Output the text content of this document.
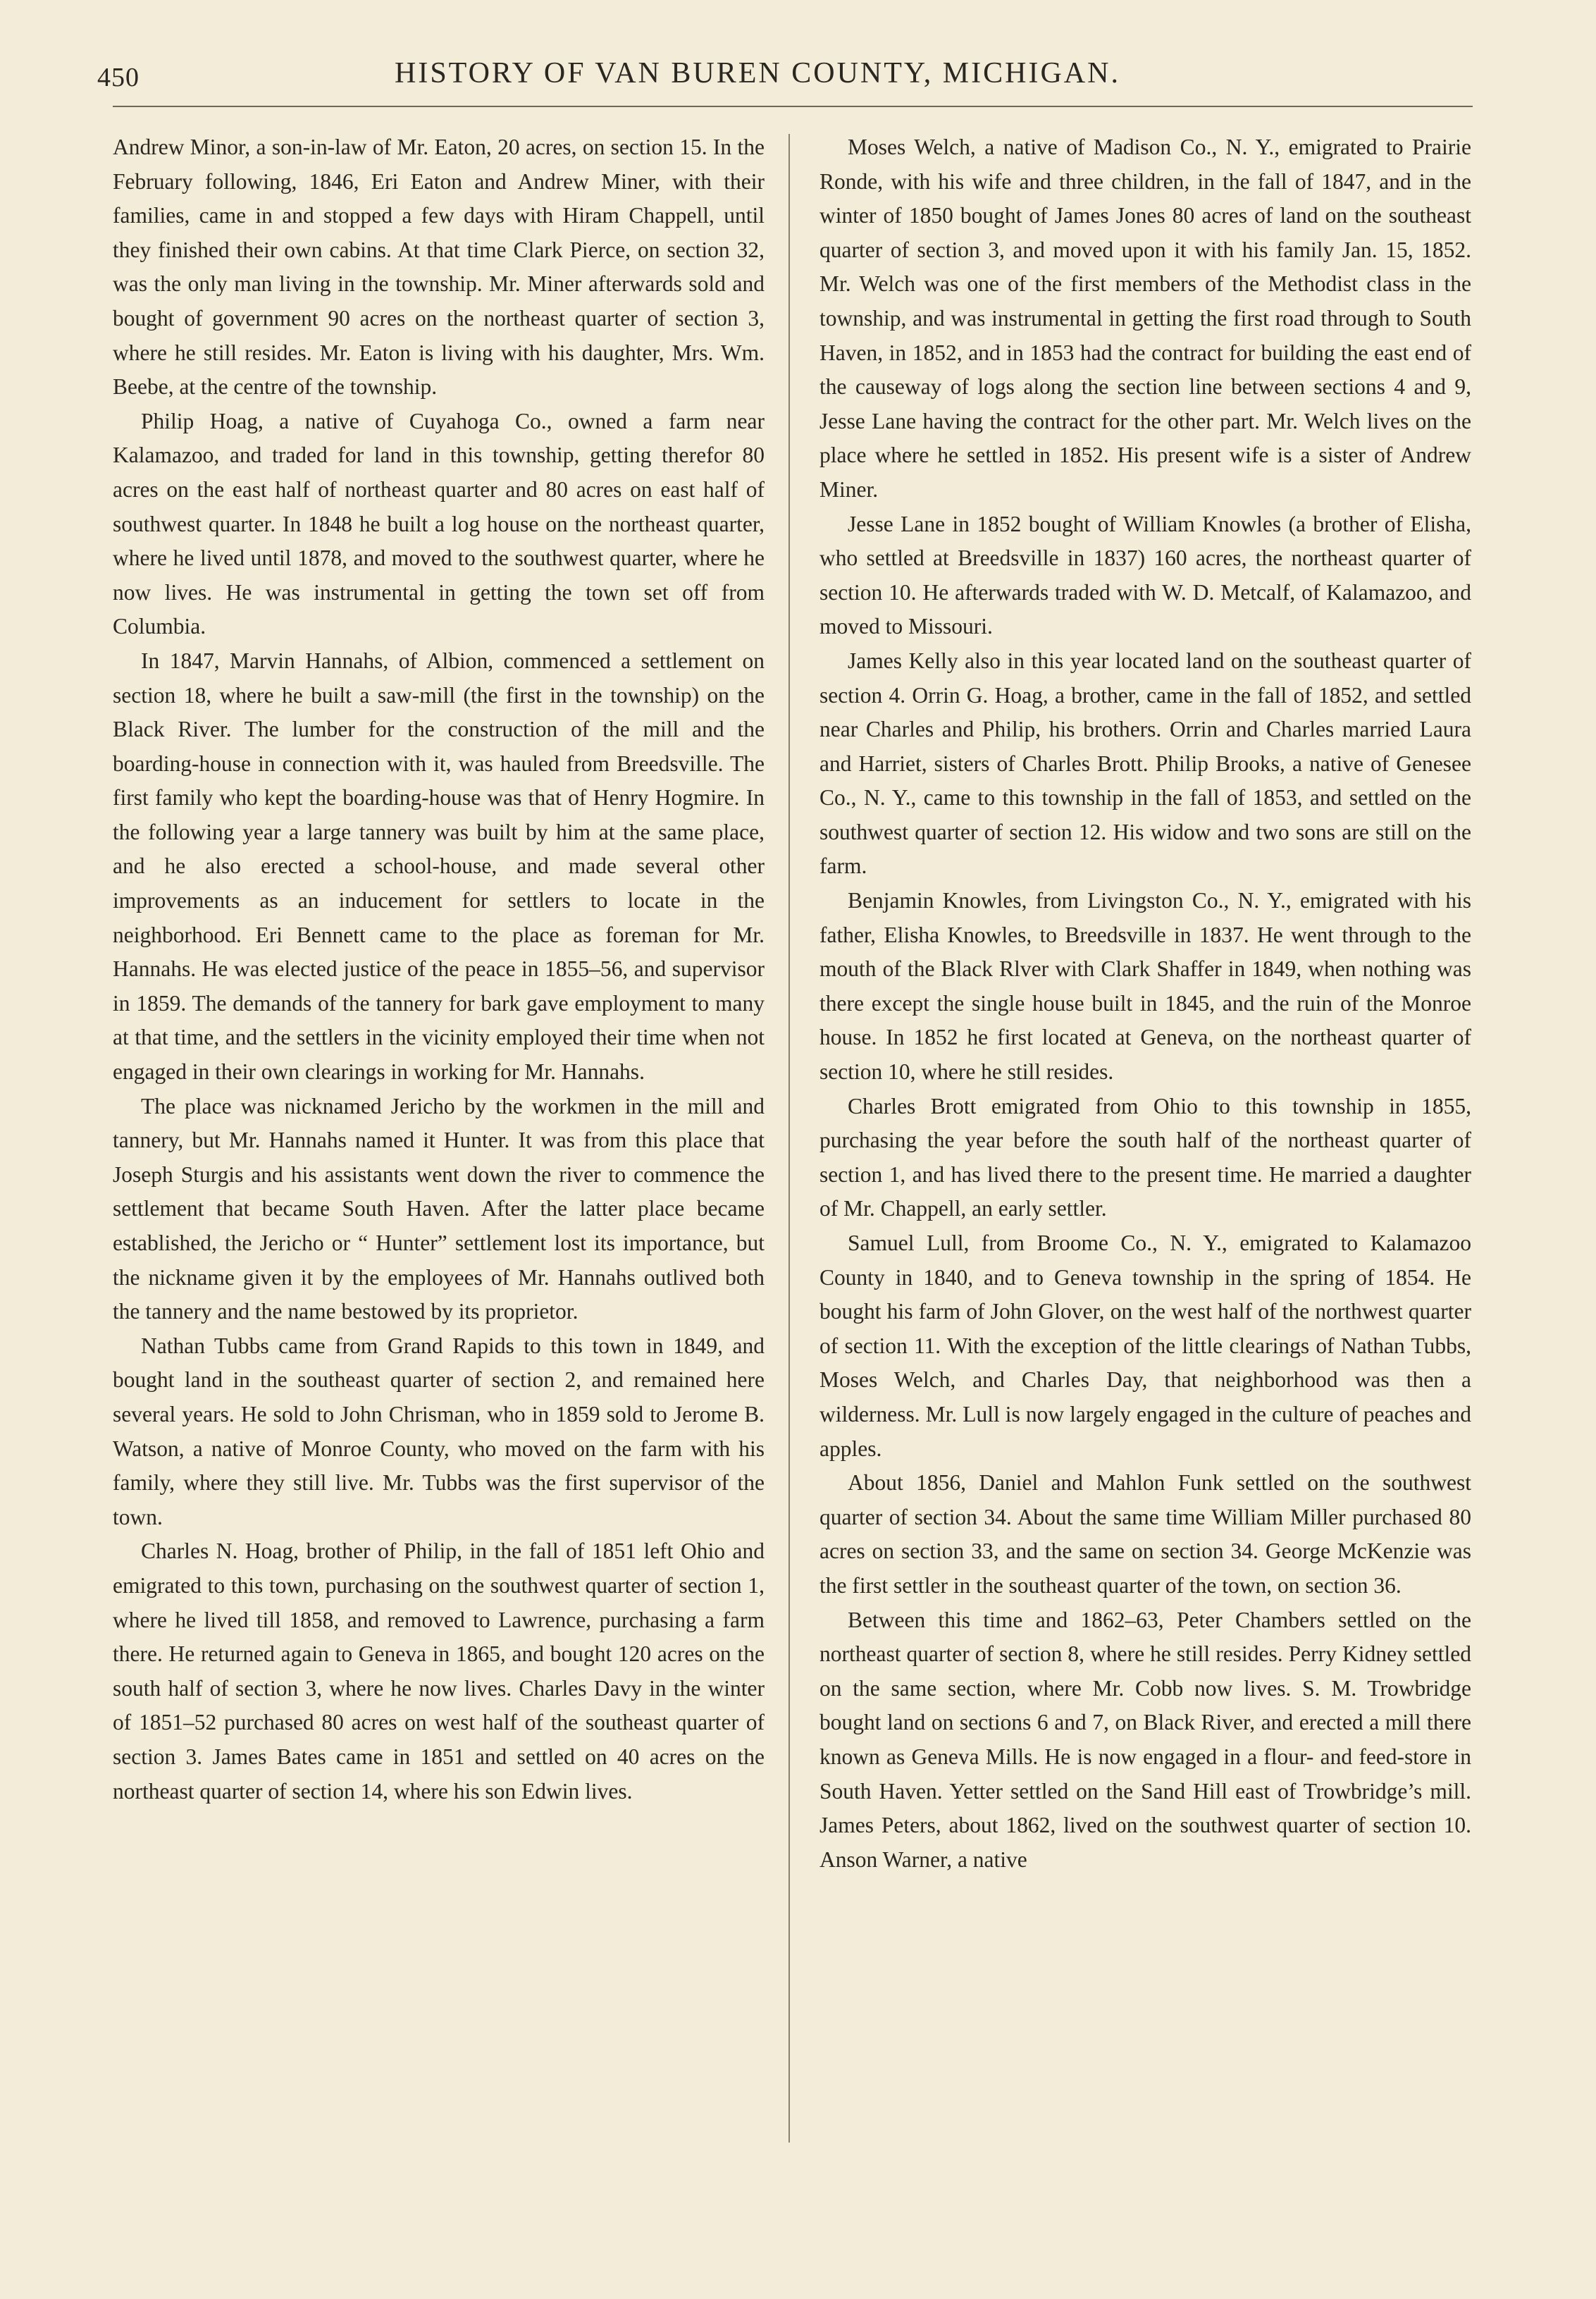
450	HISTORY OF VAN BUREN COUNTY, MICHIGAN.

Andrew Minor, a son-in-law of Mr. Eaton, 20 acres, on section 15. In the February following, 1846, Eri Eaton and Andrew Miner, with their families, came in and stopped a few days with Hiram Chappell, until they finished their own cabins. At that time Clark Pierce, on section 32, was the only man living in the township. Mr. Miner afterwards sold and bought of government 90 acres on the northeast quarter of section 3, where he still resides. Mr. Eaton is living with his daughter, Mrs. Wm. Beebe, at the centre of the township.

Philip Hoag, a native of Cuyahoga Co., owned a farm near Kalamazoo, and traded for land in this township, getting therefor 80 acres on the east half of northeast quarter and 80 acres on east half of southwest quarter. In 1848 he built a log house on the northeast quarter, where he lived until 1878, and moved to the southwest quarter, where he now lives. He was instrumental in getting the town set off from Columbia.

In 1847, Marvin Hannahs, of Albion, commenced a settlement on section 18, where he built a saw-mill (the first in the township) on the Black River. The lumber for the construction of the mill and the boarding-house in connection with it, was hauled from Breedsville. The first family who kept the boarding-house was that of Henry Hogmire. In the following year a large tannery was built by him at the same place, and he also erected a school-house, and made several other improvements as an inducement for settlers to locate in the neighborhood. Eri Bennett came to the place as foreman for Mr. Hannahs. He was elected justice of the peace in 1855–56, and supervisor in 1859. The demands of the tannery for bark gave employment to many at that time, and the settlers in the vicinity employed their time when not engaged in their own clearings in working for Mr. Hannahs.

The place was nicknamed Jericho by the workmen in the mill and tannery, but Mr. Hannahs named it Hunter. It was from this place that Joseph Sturgis and his assistants went down the river to commence the settlement that became South Haven. After the latter place became established, the Jericho or “ Hunter” settlement lost its importance, but the nickname given it by the employees of Mr. Hannahs outlived both the tannery and the name bestowed by its proprietor.

Nathan Tubbs came from Grand Rapids to this town in 1849, and bought land in the southeast quarter of section 2, and remained here several years. He sold to John Chrisman, who in 1859 sold to Jerome B. Watson, a native of Monroe County, who moved on the farm with his family, where they still live. Mr. Tubbs was the first supervisor of the town.

Charles N. Hoag, brother of Philip, in the fall of 1851 left Ohio and emigrated to this town, purchasing on the southwest quarter of section 1, where he lived till 1858, and removed to Lawrence, purchasing a farm there. He returned again to Geneva in 1865, and bought 120 acres on the south half of section 3, where he now lives. Charles Davy in the winter of 1851–52 purchased 80 acres on west half of the southeast quarter of section 3. James Bates came in 1851 and settled on 40 acres on the northeast quarter of section 14, where his son Edwin lives.

Moses Welch, a native of Madison Co., N. Y., emigrated to Prairie Ronde, with his wife and three children, in the fall of 1847, and in the winter of 1850 bought of James Jones 80 acres of land on the southeast quarter of section 3, and moved upon it with his family Jan. 15, 1852. Mr. Welch was one of the first members of the Methodist class in the township, and was instrumental in getting the first road through to South Haven, in 1852, and in 1853 had the contract for building the east end of the causeway of logs along the section line between sections 4 and 9, Jesse Lane having the contract for the other part. Mr. Welch lives on the place where he settled in 1852. His present wife is a sister of Andrew Miner.

Jesse Lane in 1852 bought of William Knowles (a brother of Elisha, who settled at Breedsville in 1837) 160 acres, the northeast quarter of section 10. He afterwards traded with W. D. Metcalf, of Kalamazoo, and moved to Missouri.

James Kelly also in this year located land on the southeast quarter of section 4. Orrin G. Hoag, a brother, came in the fall of 1852, and settled near Charles and Philip, his brothers. Orrin and Charles married Laura and Harriet, sisters of Charles Brott. Philip Brooks, a native of Genesee Co., N. Y., came to this township in the fall of 1853, and settled on the southwest quarter of section 12. His widow and two sons are still on the farm.

Benjamin Knowles, from Livingston Co., N. Y., emigrated with his father, Elisha Knowles, to Breedsville in 1837. He went through to the mouth of the Black Rlver with Clark Shaffer in 1849, when nothing was there except the single house built in 1845, and the ruin of the Monroe house. In 1852 he first located at Geneva, on the northeast quarter of section 10, where he still resides.

Charles Brott emigrated from Ohio to this township in 1855, purchasing the year before the south half of the northeast quarter of section 1, and has lived there to the present time. He married a daughter of Mr. Chappell, an early settler.

Samuel Lull, from Broome Co., N. Y., emigrated to Kalamazoo County in 1840, and to Geneva township in the spring of 1854. He bought his farm of John Glover, on the west half of the northwest quarter of section 11. With the exception of the little clearings of Nathan Tubbs, Moses Welch, and Charles Day, that neighborhood was then a wilderness. Mr. Lull is now largely engaged in the culture of peaches and apples.

About 1856, Daniel and Mahlon Funk settled on the southwest quarter of section 34. About the same time William Miller purchased 80 acres on section 33, and the same on section 34. George McKenzie was the first settler in the southeast quarter of the town, on section 36.

Between this time and 1862–63, Peter Chambers settled on the northeast quarter of section 8, where he still resides. Perry Kidney settled on the same section, where Mr. Cobb now lives. S. M. Trowbridge bought land on sections 6 and 7, on Black River, and erected a mill there known as Geneva Mills. He is now engaged in a flour- and feed-store in South Haven. Yetter settled on the Sand Hill east of Trowbridge’s mill. James Peters, about 1862, lived on the southwest quarter of section 10. Anson Warner, a native
